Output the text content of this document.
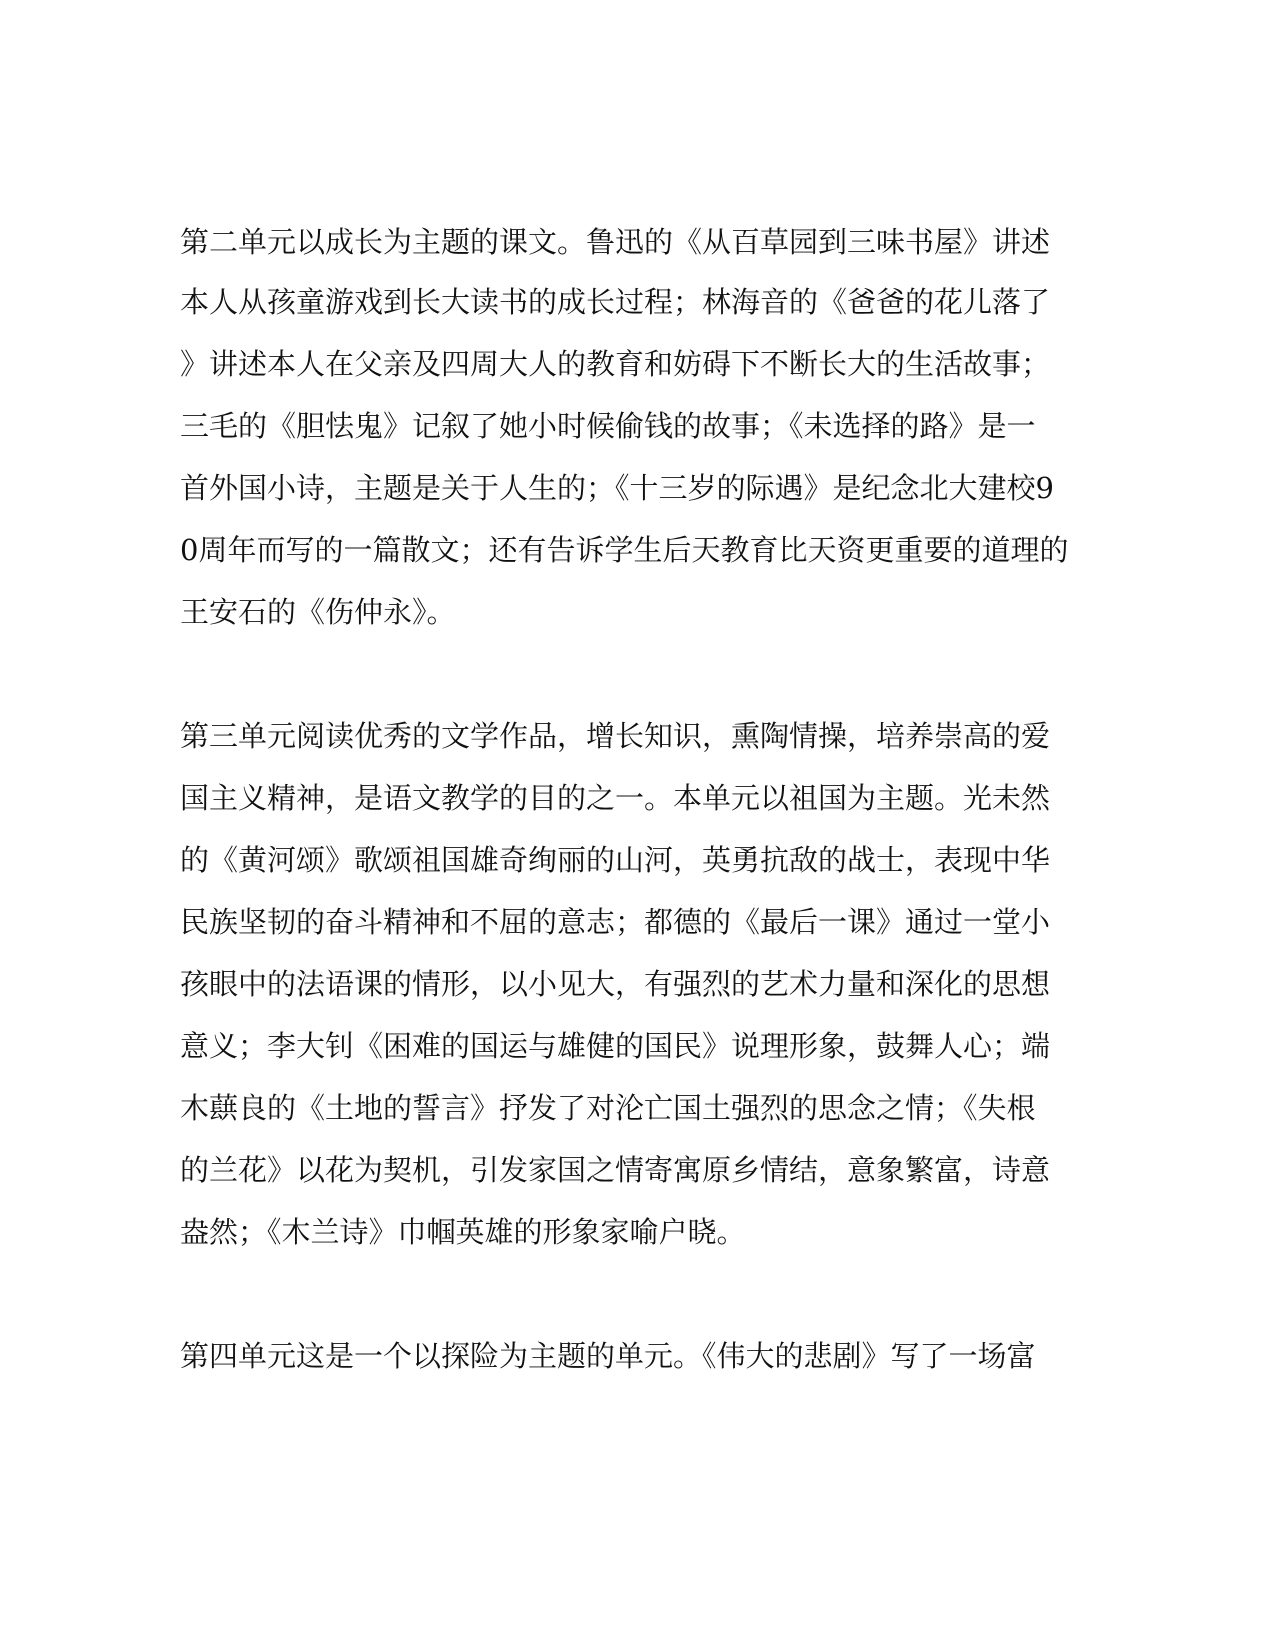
第二单元以成长为主题的课文。鲁迅的《从百草园到三味书屋》讲述
本人从孩童游戏到长大读书的成长过程；林海音的《爸爸的花儿落了
》讲述本人在父亲及四周大人的教育和妨碍下不断长大的生活故事；
三毛的《胆怯鬼》记叙了她小时候偷钱的故事；《未选择的路》是一
首外国小诗，主题是关于人生的；《十三岁的际遇》是纪念北大建校9
0周年而写的一篇散文；还有告诉学生后天教育比天资更重要的道理的
王安石的《伤仲永》。
第三单元阅读优秀的文学作品，增长知识，熏陶情操，培养崇高的爱
国主义精神，是语文教学的目的之一。本单元以祖国为主题。光未然
的《黄河颂》歌颂祖国雄奇绚丽的山河，英勇抗敌的战士，表现中华
民族坚韧的奋斗精神和不屈的意志；都德的《最后一课》通过一堂小
孩眼中的法语课的情形，以小见大，有强烈的艺术力量和深化的思想
意义；李大钊《困难的国运与雄健的国民》说理形象，鼓舞人心；端
木蕻良的《土地的誓言》抒发了对沦亡国土强烈的思念之情；《失根
的兰花》以花为契机，引发家国之情寄寓原乡情结，意象繁富，诗意
盎然；《木兰诗》巾帼英雄的形象家喻户晓。
第四单元这是一个以探险为主题的单元。《伟大的悲剧》写了一场富
